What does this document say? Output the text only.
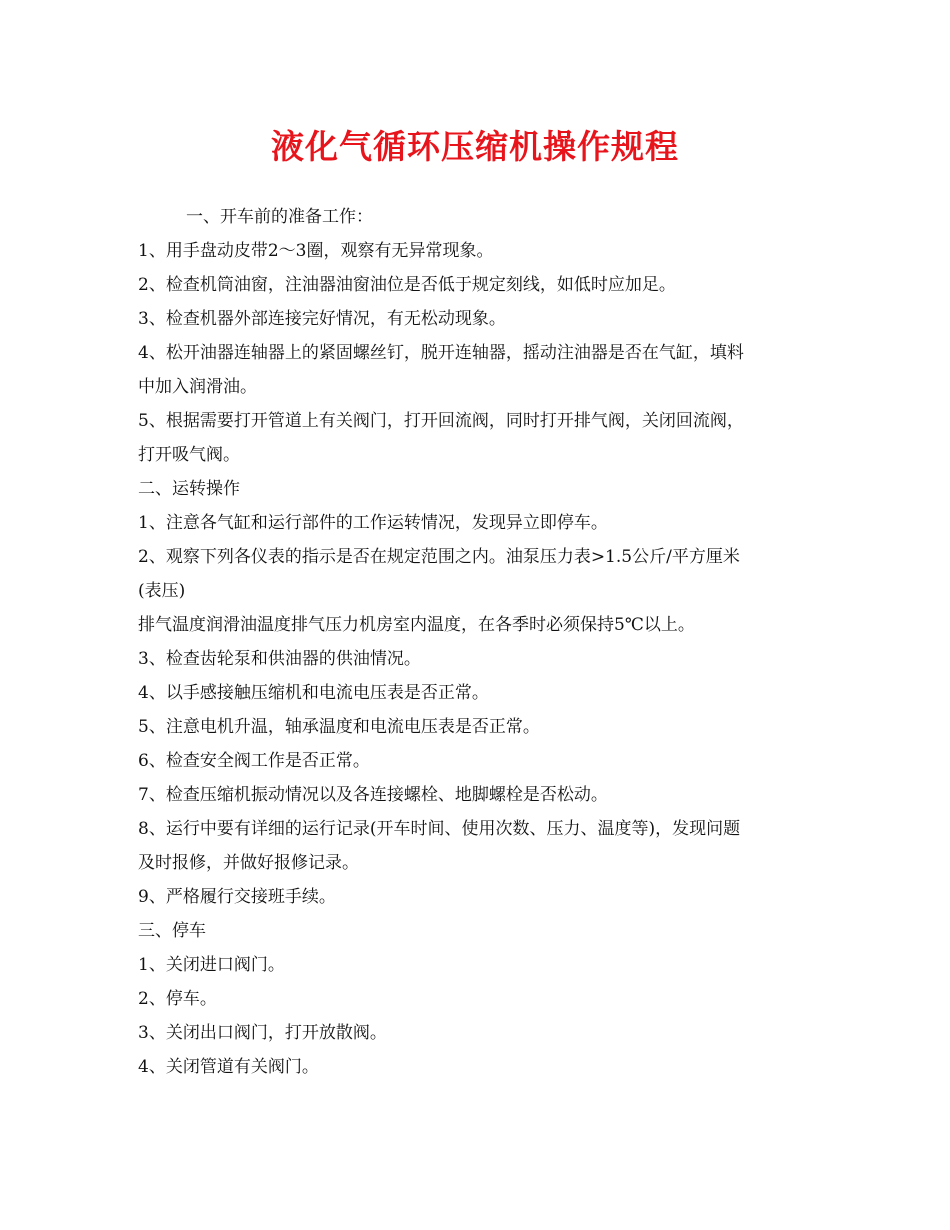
液化气循环压缩机操作规程

一、开车前的准备工作：

1、用手盘动皮带2～3圈，观察有无异常现象。

2、检查机筒油窗，注油器油窗油位是否低于规定刻线，如低时应加足。

3、检查机器外部连接完好情况，有无松动现象。

4、松开油器连轴器上的紧固螺丝钉，脱开连轴器，摇动注油器是否在气缸，填料

中加入润滑油。

5、根据需要打开管道上有关阀门，打开回流阀，同时打开排气阀，关闭回流阀，

打开吸气阀。

二、运转操作

1、注意各气缸和运行部件的工作运转情况，发现异立即停车。

2、观察下列各仪表的指示是否在规定范围之内。油泵压力表>1.5公斤/平方厘米

(表压)

排气温度润滑油温度排气压力机房室内温度，在各季时必须保持5℃以上。

3、检查齿轮泵和供油器的供油情况。

4、以手感接触压缩机和电流电压表是否正常。

5、注意电机升温，轴承温度和电流电压表是否正常。

6、检查安全阀工作是否正常。

7、检查压缩机振动情况以及各连接螺栓、地脚螺栓是否松动。

8、运行中要有详细的运行记录(开车时间、使用次数、压力、温度等)，发现问题

及时报修，并做好报修记录。

9、严格履行交接班手续。

三、停车

1、关闭进口阀门。

2、停车。

3、关闭出口阀门，打开放散阀。

4、关闭管道有关阀门。
